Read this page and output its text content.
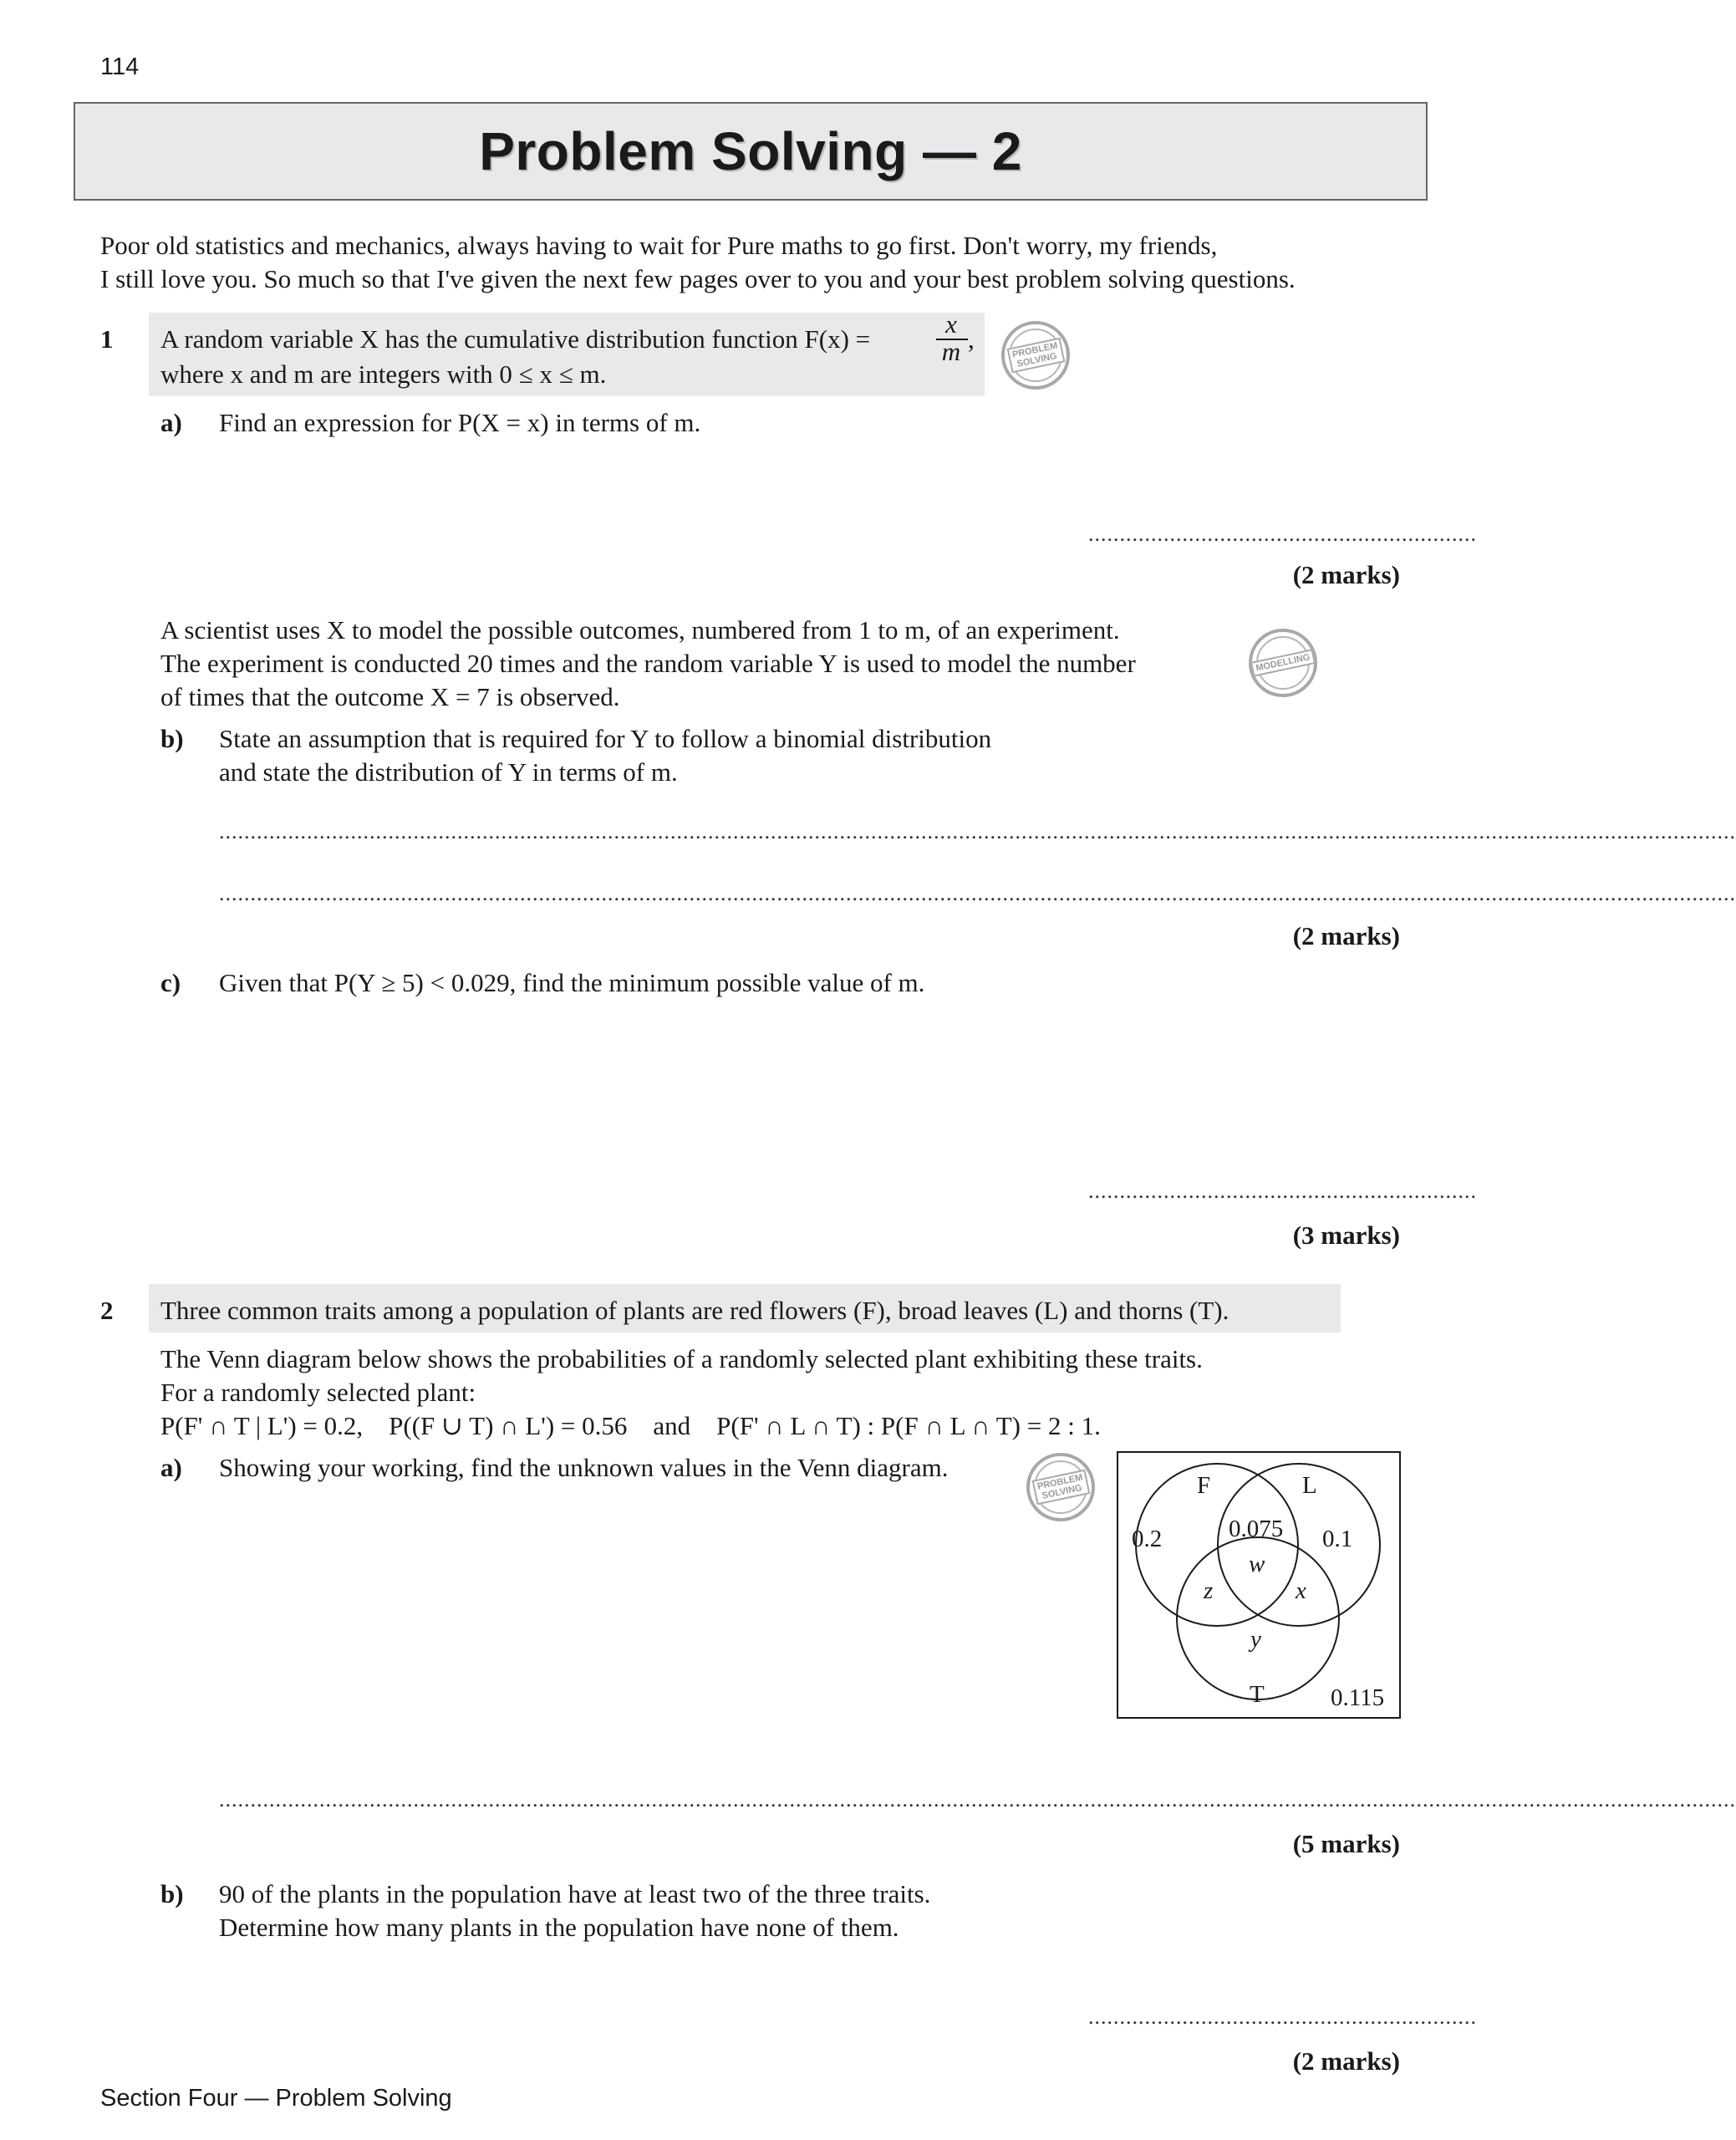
114
Problem Solving — 2
Poor old statistics and mechanics, always having to wait for Pure maths to go first. Don't worry, my friends,
I still love you. So much so that I've given the next few pages over to you and your best problem solving questions.
1 A random variable X has the cumulative distribution function F(x) =
x
m ,
where x and m are integers with 0 ≤ x ≤ m.
PROBLEM
SOLVING
a) Find an expression for P(X = x) in terms of m.
..............................................................
(2 marks)
A scientist uses X to model the possible outcomes, numbered from 1 to m, of an experiment.
The experiment is conducted 20 times and the random variable Y is used to model the number
of times that the outcome X = 7 is observed.
MODELLING
b) State an assumption that is required for Y to follow a binomial distribution
and state the distribution of Y in terms of m.
..................................................................................................................................................................................................................................................
..................................................................................................................................................................................................................................................
(2 marks)
c) Given that P(Y ≥ 5) < 0.029, find the minimum possible value of m.
..............................................................
(3 marks)
2 Three common traits among a population of plants are red flowers (F), broad leaves (L) and thorns (T).
The Venn diagram below shows the probabilities of a randomly selected plant exhibiting these traits.
For a randomly selected plant:
P(F' ∩ T | L') = 0.2,    P((F ∪ T) ∩ L') = 0.56    and    P(F' ∩ L ∩ T) : P(F ∩ L ∩ T) = 2 : 1.
a) Showing your working, find the unknown values in the Venn diagram.
PROBLEM
SOLVING	F	L
T
0.2	0.075 0.1
w
z	x
y
0.115
..................................................................................................................................................................................................................................................
(5 marks)
b) 90 of the plants in the population have at least two of the three traits.
Determine how many plants in the population have none of them.
..............................................................
(2 marks)
Section Four — Problem Solving
